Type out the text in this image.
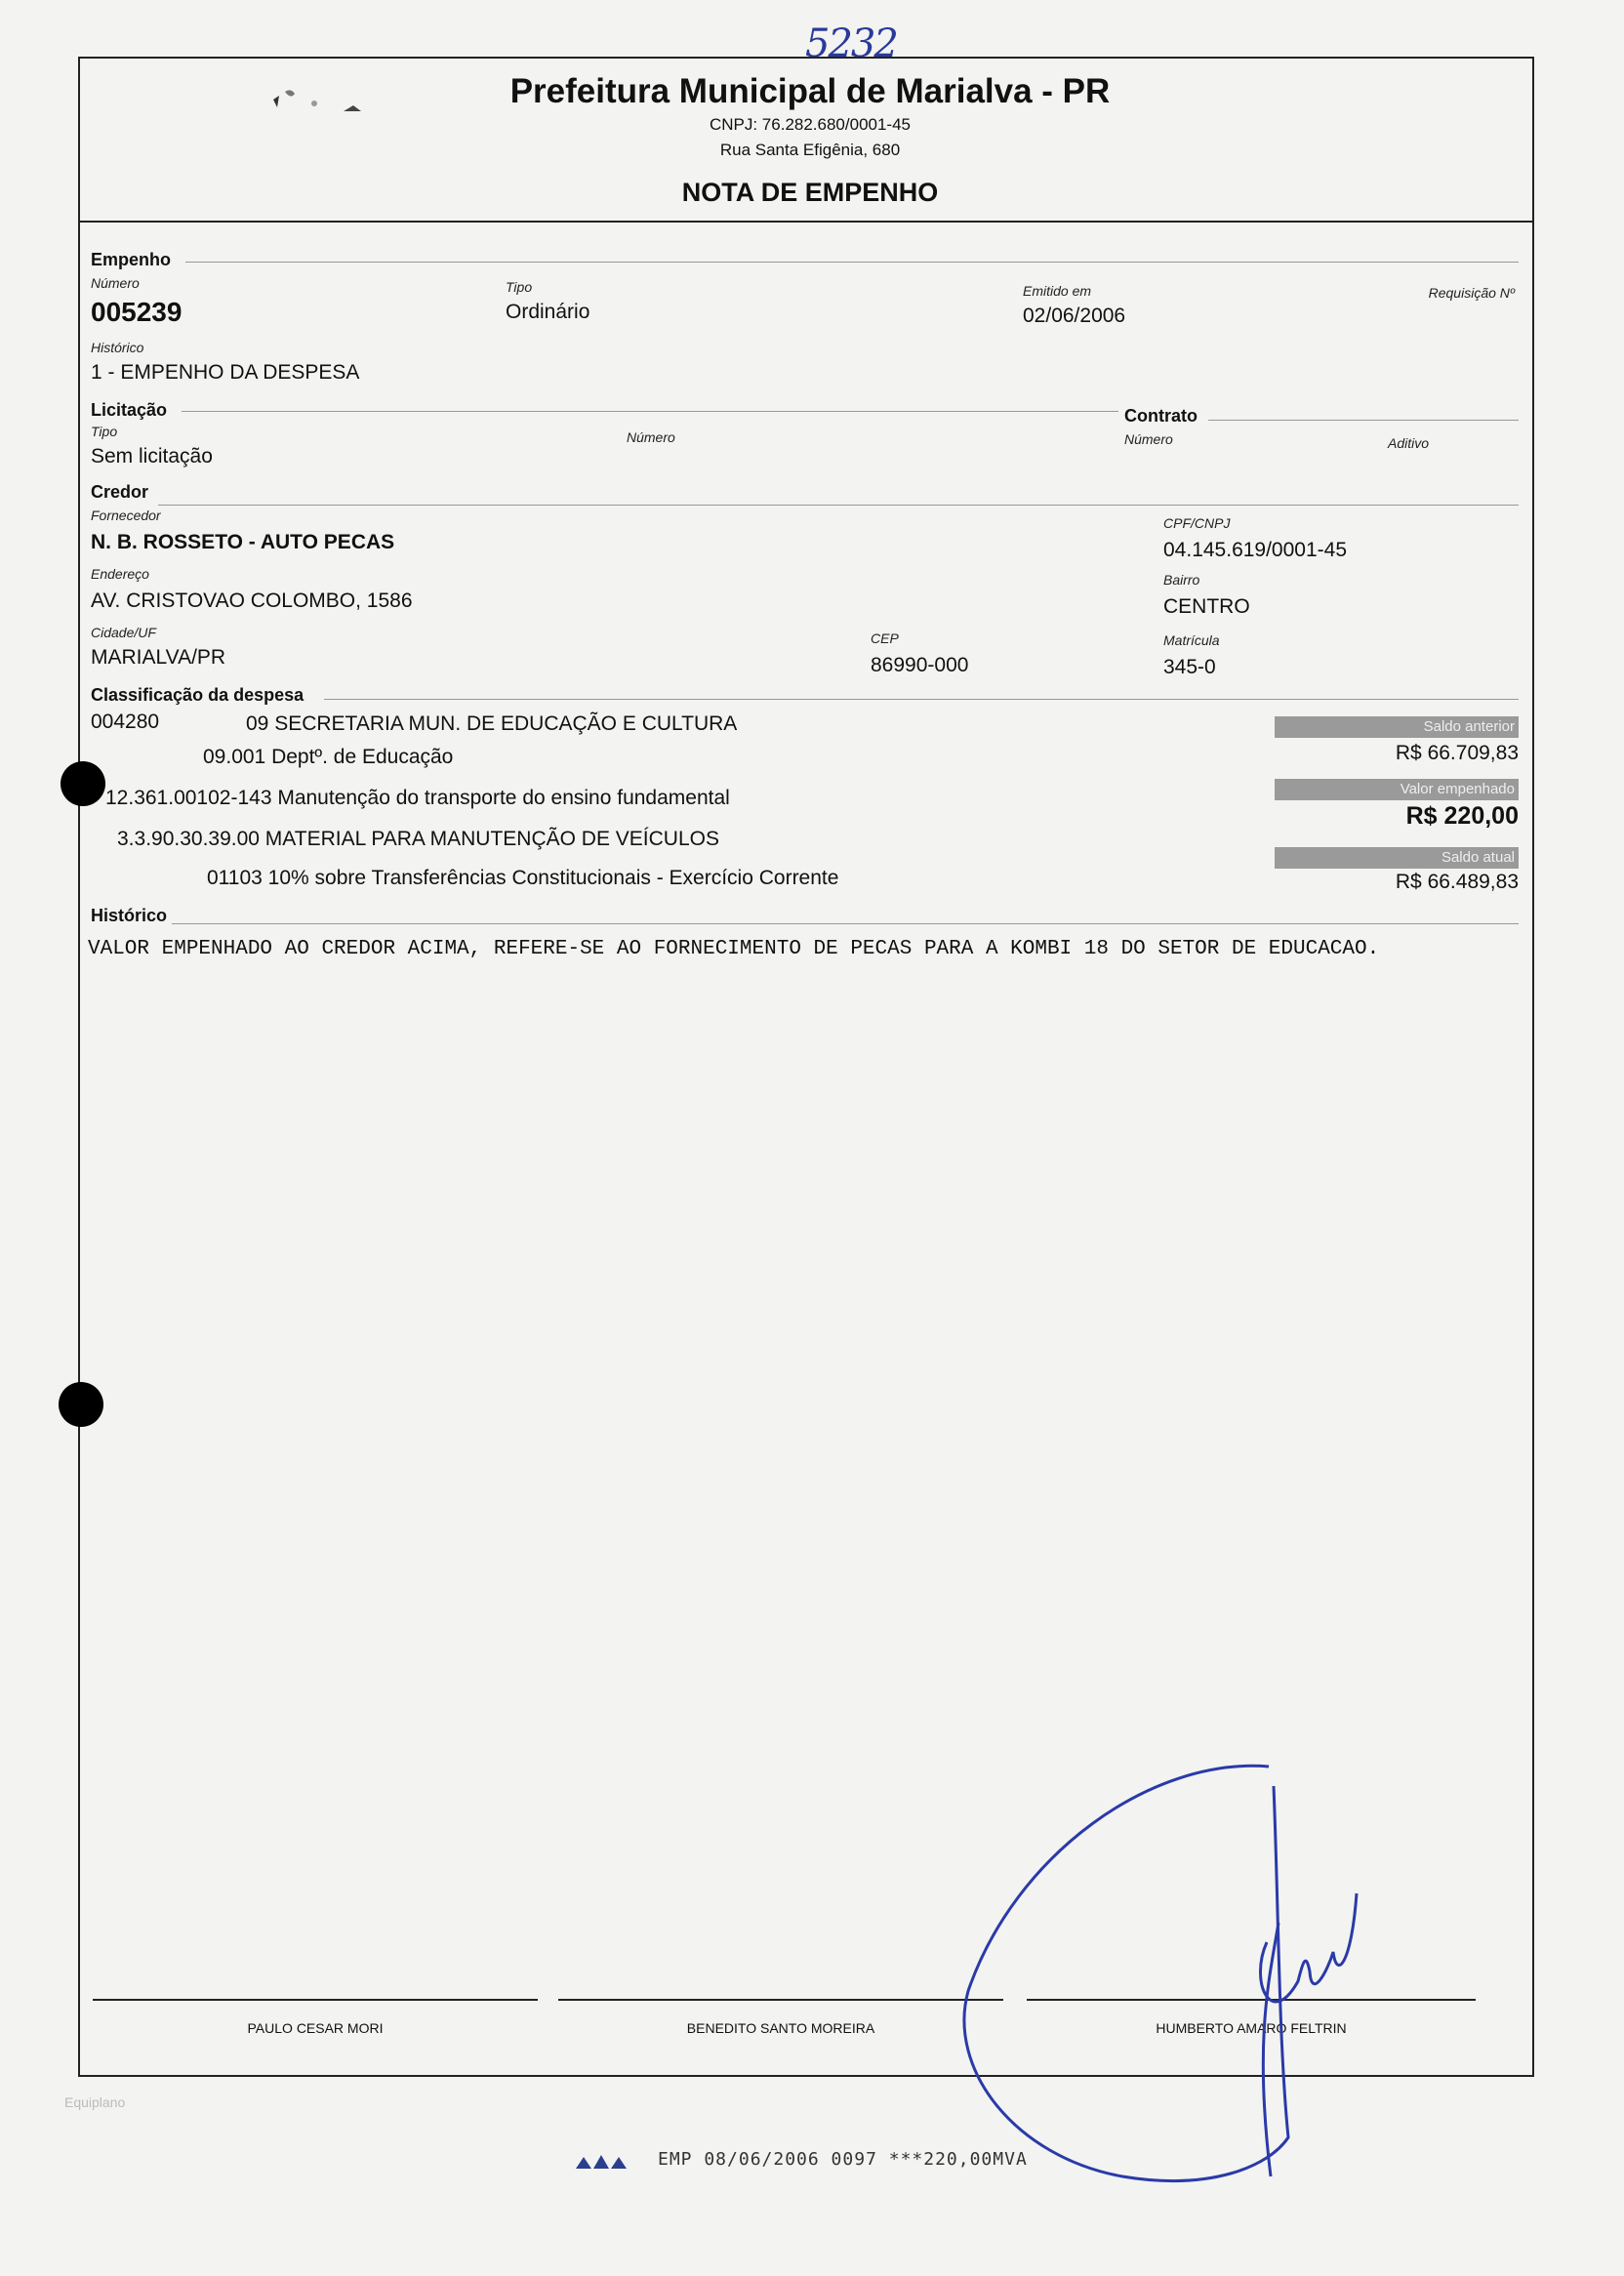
5232
Prefeitura Municipal de Marialva - PR
CNPJ: 76.282.680/0001-45
Rua Santa Efigênia, 680
NOTA DE EMPENHO
Empenho
Número
005239
Tipo
Ordinário
Emitido em
02/06/2006
Requisição Nº
Histórico
1 - EMPENHO DA DESPESA
Licitação
Tipo
Sem licitação
Número
Contrato
Número	Aditivo
Credor
Fornecedor
N. B. ROSSETO - AUTO PECAS
CPF/CNPJ
04.145.619/0001-45
Endereço
AV. CRISTOVAO COLOMBO, 1586
Bairro
CENTRO
Cidade/UF
MARIALVA/PR
CEP
86990-000
Matrícula
345-0
Classificação da despesa
004280	09 SECRETARIA MUN. DE EDUCAÇÃO E CULTURA
09.001 Deptº. de Educação
12.361.00102-143 Manutenção do transporte do ensino fundamental
3.3.90.30.39.00 MATERIAL PARA MANUTENÇÃO DE VEÍCULOS
01103 10% sobre Transferências Constitucionais - Exercício Corrente
Saldo anterior
R$ 66.709,83
Valor empenhado
R$ 220,00
Saldo atual
R$ 66.489,83
Histórico
VALOR EMPENHADO AO CREDOR ACIMA, REFERE-SE AO FORNECIMENTO DE PECAS PARA A KOMBI 18 DO SETOR DE EDUCACAO.
PAULO CESAR MORI	BENEDITO SANTO MOREIRA	HUMBERTO AMARO FELTRIN
Equiplano
EMP 08/06/2006 0097 ***220,00MVA
